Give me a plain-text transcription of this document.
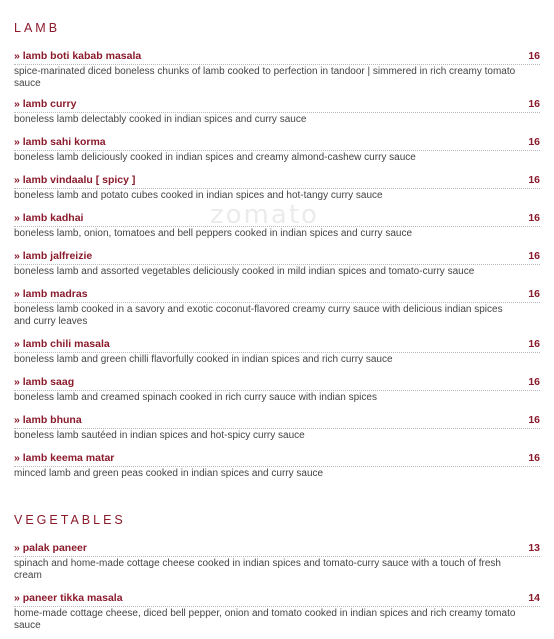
zomato
LAMB
» lamb boti kabab masala	16
spice-marinated diced boneless chunks of lamb cooked to perfection in tandoor | simmered in rich creamy tomato sauce
» lamb curry	16
boneless lamb delectably cooked in indian spices and curry sauce
» lamb sahi korma	16
boneless lamb deliciously cooked in indian spices and creamy almond-cashew curry sauce
» lamb vindaalu [ spicy ]	16
boneless lamb and potato cubes cooked in indian spices and hot-tangy curry sauce
» lamb kadhai	16
boneless lamb, onion, tomatoes and bell peppers cooked in indian spices and curry sauce
» lamb jalfreizie	16
boneless lamb and assorted vegetables deliciously cooked in mild indian spices and tomato-curry sauce
» lamb madras	16
boneless lamb cooked in a savory and exotic coconut-flavored creamy curry sauce with delicious indian spices and curry leaves
» lamb chili masala	16
boneless lamb and green chilli flavorfully cooked in indian spices and rich curry sauce
» lamb saag	16
boneless lamb and creamed spinach cooked in rich curry sauce with indian spices
» lamb bhuna	16
boneless lamb sautéed in indian spices and hot-spicy curry sauce
» lamb keema matar	16
minced lamb and green peas cooked in indian spices and curry sauce
VEGETABLES
» palak paneer	13
spinach and home-made cottage cheese cooked in indian spices and tomato-curry sauce with a touch of fresh cream
» paneer tikka masala	14
home-made cottage cheese, diced bell pepper, onion and tomato cooked in indian spices and rich creamy tomato sauce
